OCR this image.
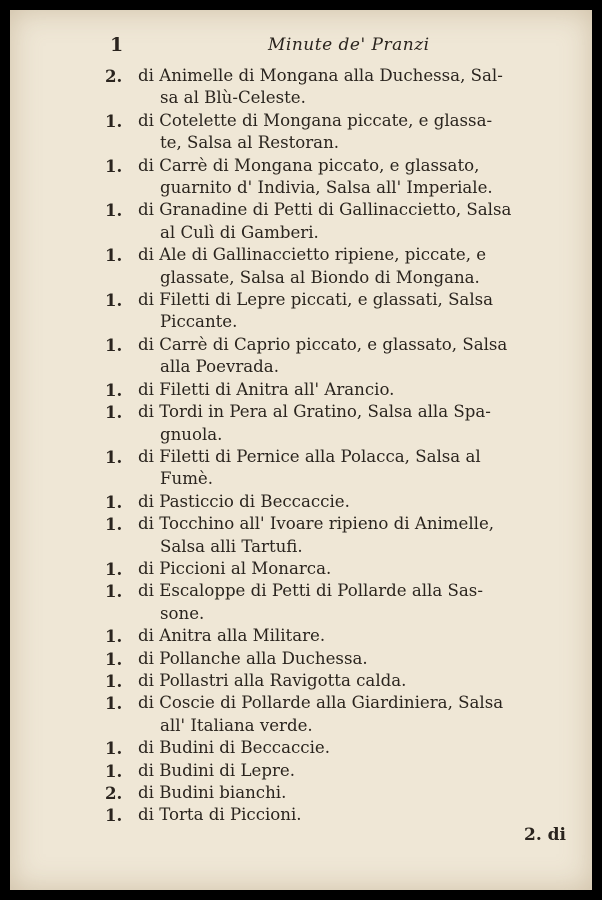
1	Minute de' Pranzi
2. di Animelle di Mongana alla Duchessa, Sal-
sa al Blù-Celeste.
1. di Cotelette di Mongana piccate, e glassa-
te, Salsa al Restoran.
1. di Carrè di Mongana piccato, e glassato,
guarnito d' Indivia, Salsa all' Imperiale.
1. di Granadine di Petti di Gallinaccietto, Salsa
al Culì di Gamberi.
1. di Ale di Gallinaccietto ripiene, piccate, e
glassate, Salsa al Biondo di Mongana.
1. di Filetti di Lepre piccati, e glassati, Salsa
Piccante.
1. di Carrè di Caprio piccato, e glassato, Salsa
alla Poevrada.
1. di Filetti di Anitra all' Arancio.
1. di Tordi in Pera al Gratino, Salsa alla Spa-
gnuola.
1. di Filetti di Pernice alla Polacca, Salsa al
Fumè.
1. di Pasticcio di Beccaccie.
1. di Tocchino all' Ivoare ripieno di Animelle,
Salsa alli Tartufi.
1. di Piccioni al Monarca.
1. di Escaloppe di Petti di Pollarde alla Sas-
sone.
1. di Anitra alla Militare.
1. di Pollanche alla Duchessa.
1. di Pollastri alla Ravigotta calda.
1. di Coscie di Pollarde alla Giardiniera, Salsa
all' Italiana verde.
1. di Budini di Beccaccie.
1. di Budini di Lepre.
2. di Budini bianchi.
1. di Torta di Piccioni.
2. di
